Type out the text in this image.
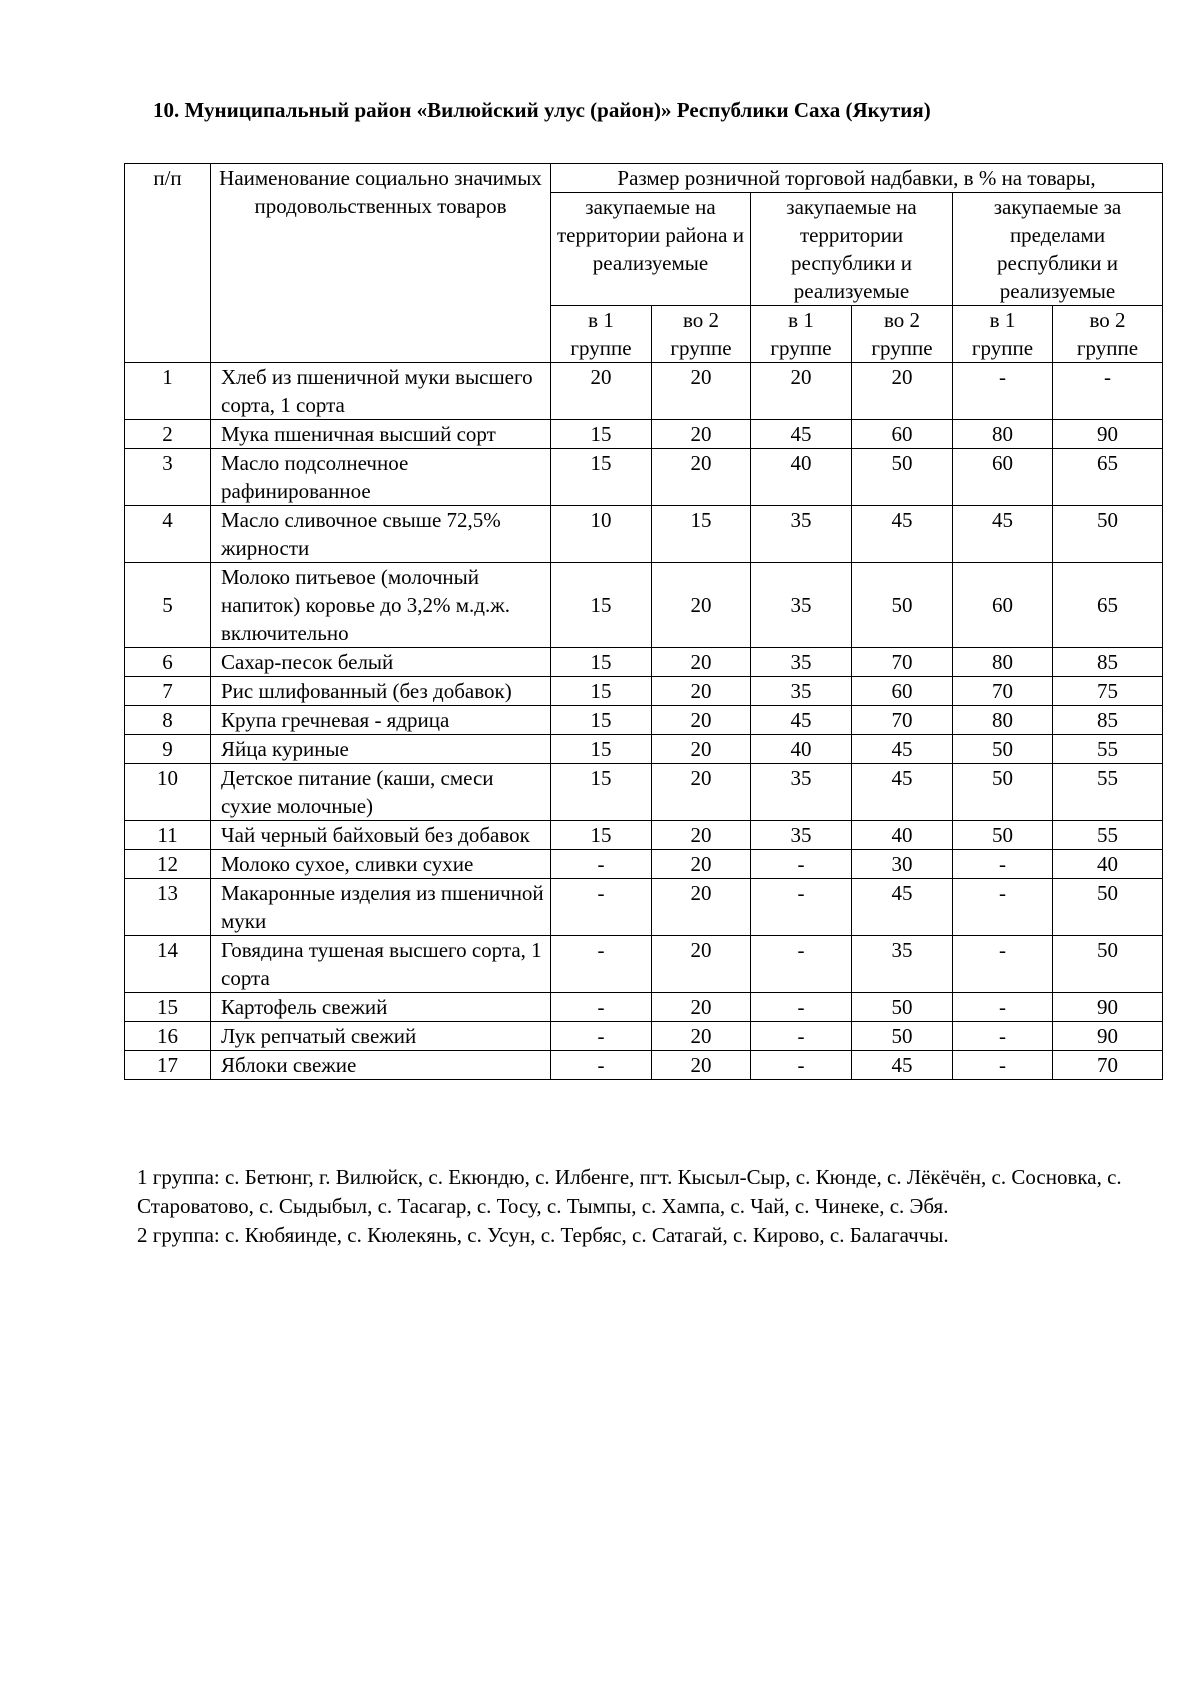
10. Муниципальный район «Вилюйский улус (район)» Республики Саха (Якутия)
п/п	Наименование социально значимых продовольственных товаров	Размер розничной торговой надбавки, в % на товары,					
		закупаемые на территории района и реализуемые		закупаемые на территории республики и реализуемые		закупаемые за пределами республики и реализуемые	
		в 1 группе	во 2 группе	в 1 группе	во 2 группе	в 1 группе	во 2 группе
1	Хлеб из пшеничной муки высшего сорта, 1 сорта	20	20	20	20	-	-
2	Мука пшеничная высший сорт	15	20	45	60	80	90
3	Масло подсолнечное рафинированное	15	20	40	50	60	65
4	Масло сливочное свыше 72,5% жирности	10	15	35	45	45	50
5	Молоко питьевое (молочный напиток) коровье до 3,2% м.д.ж. включительно	15	20	35	50	60	65
6	Сахар-песок белый	15	20	35	70	80	85
7	Рис шлифованный (без добавок)	15	20	35	60	70	75
8	Крупа гречневая - ядрица	15	20	45	70	80	85
9	Яйца куриные	15	20	40	45	50	55
10	Детское питание (каши, смеси сухие молочные)	15	20	35	45	50	55
11	Чай черный байховый без добавок	15	20	35	40	50	55
12	Молоко сухое, сливки сухие	-	20	-	30	-	40
13	Макаронные изделия из пшеничной муки	-	20	-	45	-	50
14	Говядина тушеная высшего сорта, 1 сорта	-	20	-	35	-	50
15	Картофель свежий	-	20	-	50	-	90
16	Лук репчатый свежий	-	20	-	50	-	90
17	Яблоки свежие	-	20	-	45	-	70

1 группа: с. Бетюнг, г. Вилюйск, с. Екюндю, с. Илбенге, пгт. Кысыл-Сыр, с. Кюнде, с. Лёкёчён, с. Сосновка, с. Староватово, с. Сыдыбыл, с. Тасагар, с. Тосу, с. Тымпы, с. Хампа, с. Чай, с. Чинеке, с. Эбя.

2 группа: с. Кюбяинде, с. Кюлекянь, с. Усун, с. Тербяс, с. Сатагай, с. Кирово, с. Балагаччы.
